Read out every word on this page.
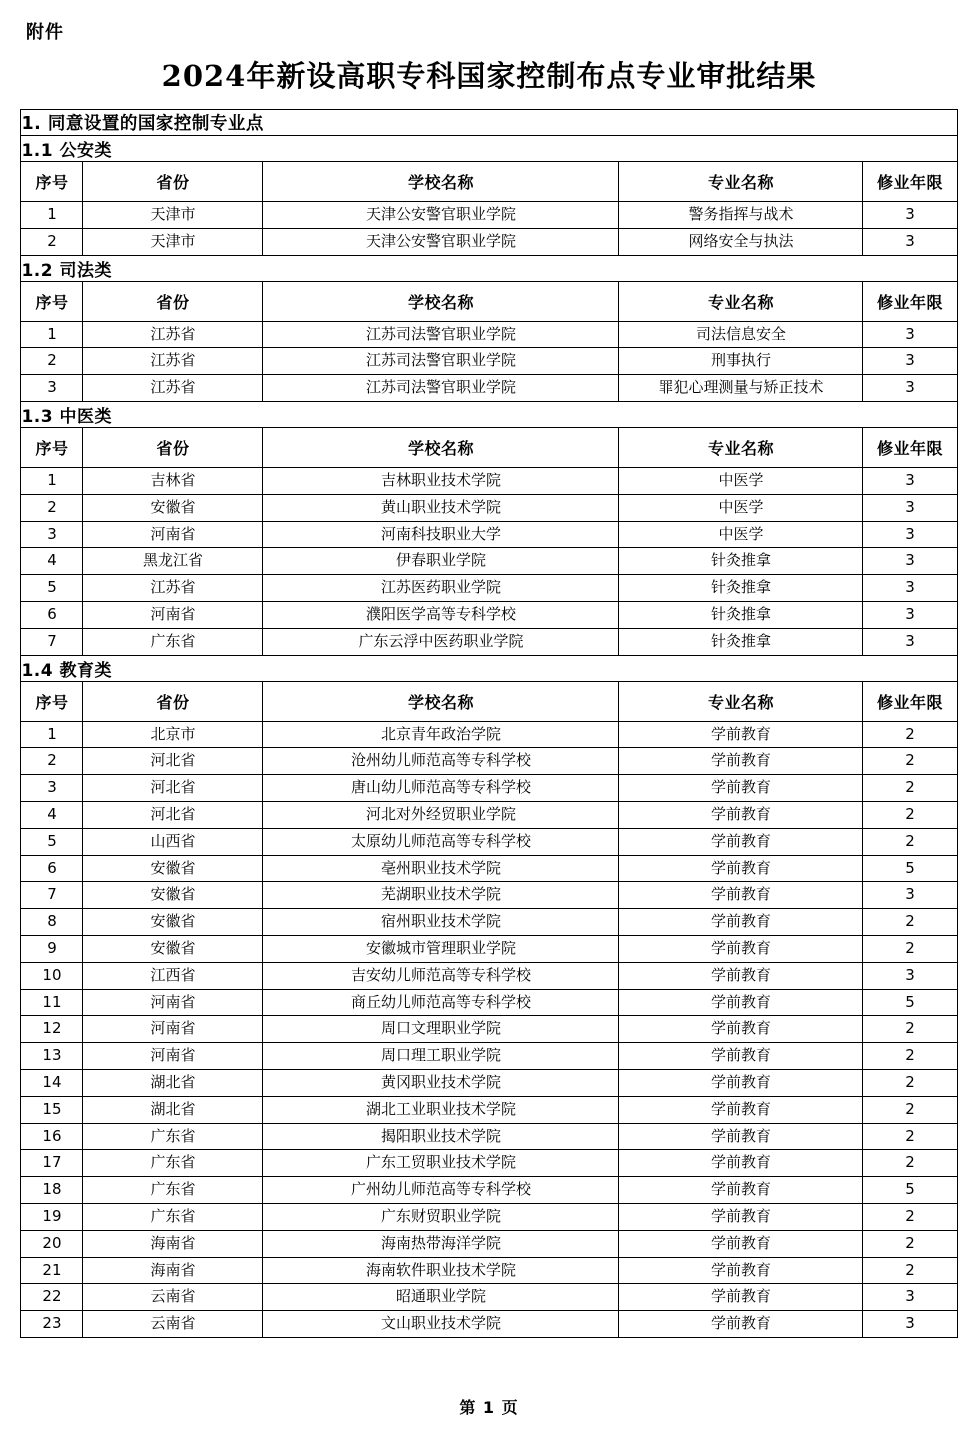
附件
2024年新设高职专科国家控制布点专业审批结果
1. 同意设置的国家控制专业点				
1.1 公安类				
序号	省份	学校名称	专业名称	修业年限
1	天津市	天津公安警官职业学院	警务指挥与战术	3
2	天津市	天津公安警官职业学院	网络安全与执法	3
1.2 司法类				
序号	省份	学校名称	专业名称	修业年限
1	江苏省	江苏司法警官职业学院	司法信息安全	3
2	江苏省	江苏司法警官职业学院	刑事执行	3
3	江苏省	江苏司法警官职业学院	罪犯心理测量与矫正技术	3
1.3 中医类				
序号	省份	学校名称	专业名称	修业年限
1	吉林省	吉林职业技术学院	中医学	3
2	安徽省	黄山职业技术学院	中医学	3
3	河南省	河南科技职业大学	中医学	3
4	黑龙江省	伊春职业学院	针灸推拿	3
5	江苏省	江苏医药职业学院	针灸推拿	3
6	河南省	濮阳医学高等专科学校	针灸推拿	3
7	广东省	广东云浮中医药职业学院	针灸推拿	3
1.4 教育类				
序号	省份	学校名称	专业名称	修业年限
1	北京市	北京青年政治学院	学前教育	2
2	河北省	沧州幼儿师范高等专科学校	学前教育	2
3	河北省	唐山幼儿师范高等专科学校	学前教育	2
4	河北省	河北对外经贸职业学院	学前教育	2
5	山西省	太原幼儿师范高等专科学校	学前教育	2
6	安徽省	亳州职业技术学院	学前教育	5
7	安徽省	芜湖职业技术学院	学前教育	3
8	安徽省	宿州职业技术学院	学前教育	2
9	安徽省	安徽城市管理职业学院	学前教育	2
10	江西省	吉安幼儿师范高等专科学校	学前教育	3
11	河南省	商丘幼儿师范高等专科学校	学前教育	5
12	河南省	周口文理职业学院	学前教育	2
13	河南省	周口理工职业学院	学前教育	2
14	湖北省	黄冈职业技术学院	学前教育	2
15	湖北省	湖北工业职业技术学院	学前教育	2
16	广东省	揭阳职业技术学院	学前教育	2
17	广东省	广东工贸职业技术学院	学前教育	2
18	广东省	广州幼儿师范高等专科学校	学前教育	5
19	广东省	广东财贸职业学院	学前教育	2
20	海南省	海南热带海洋学院	学前教育	2
21	海南省	海南软件职业技术学院	学前教育	2
22	云南省	昭通职业学院	学前教育	3
23	云南省	文山职业技术学院	学前教育	3
第 1 页
